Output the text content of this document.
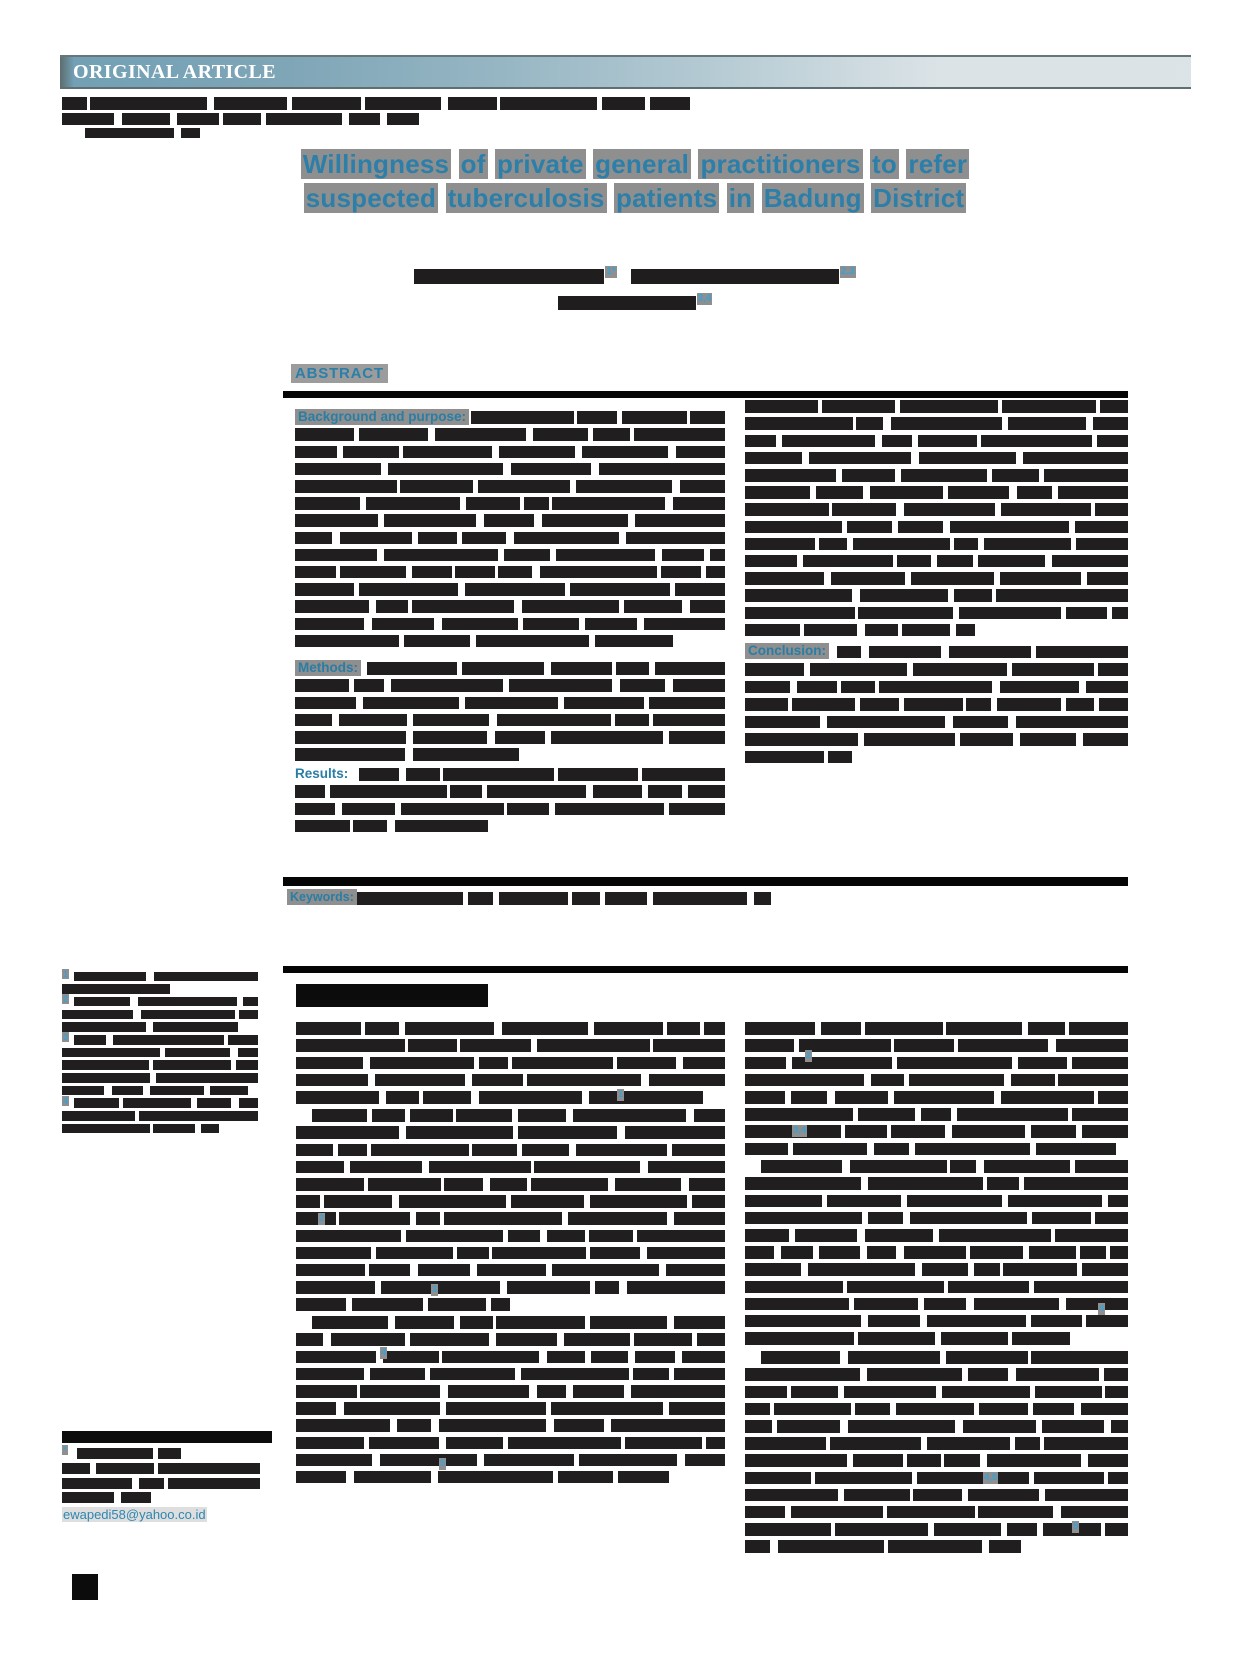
ORIGINAL ARTICLE
Willingness of private general practitioners to refer
suspected tuberculosis patients in Badung District
1*	2,3
3,4
ABSTRACT
Background and purpose:
Methods:
Results:
Conclusion:
Keywords:
1
2
3
4
1
2
3
4
5
2
3,4
4
4,5
5
*
ewapedi58@yahoo.co.id
